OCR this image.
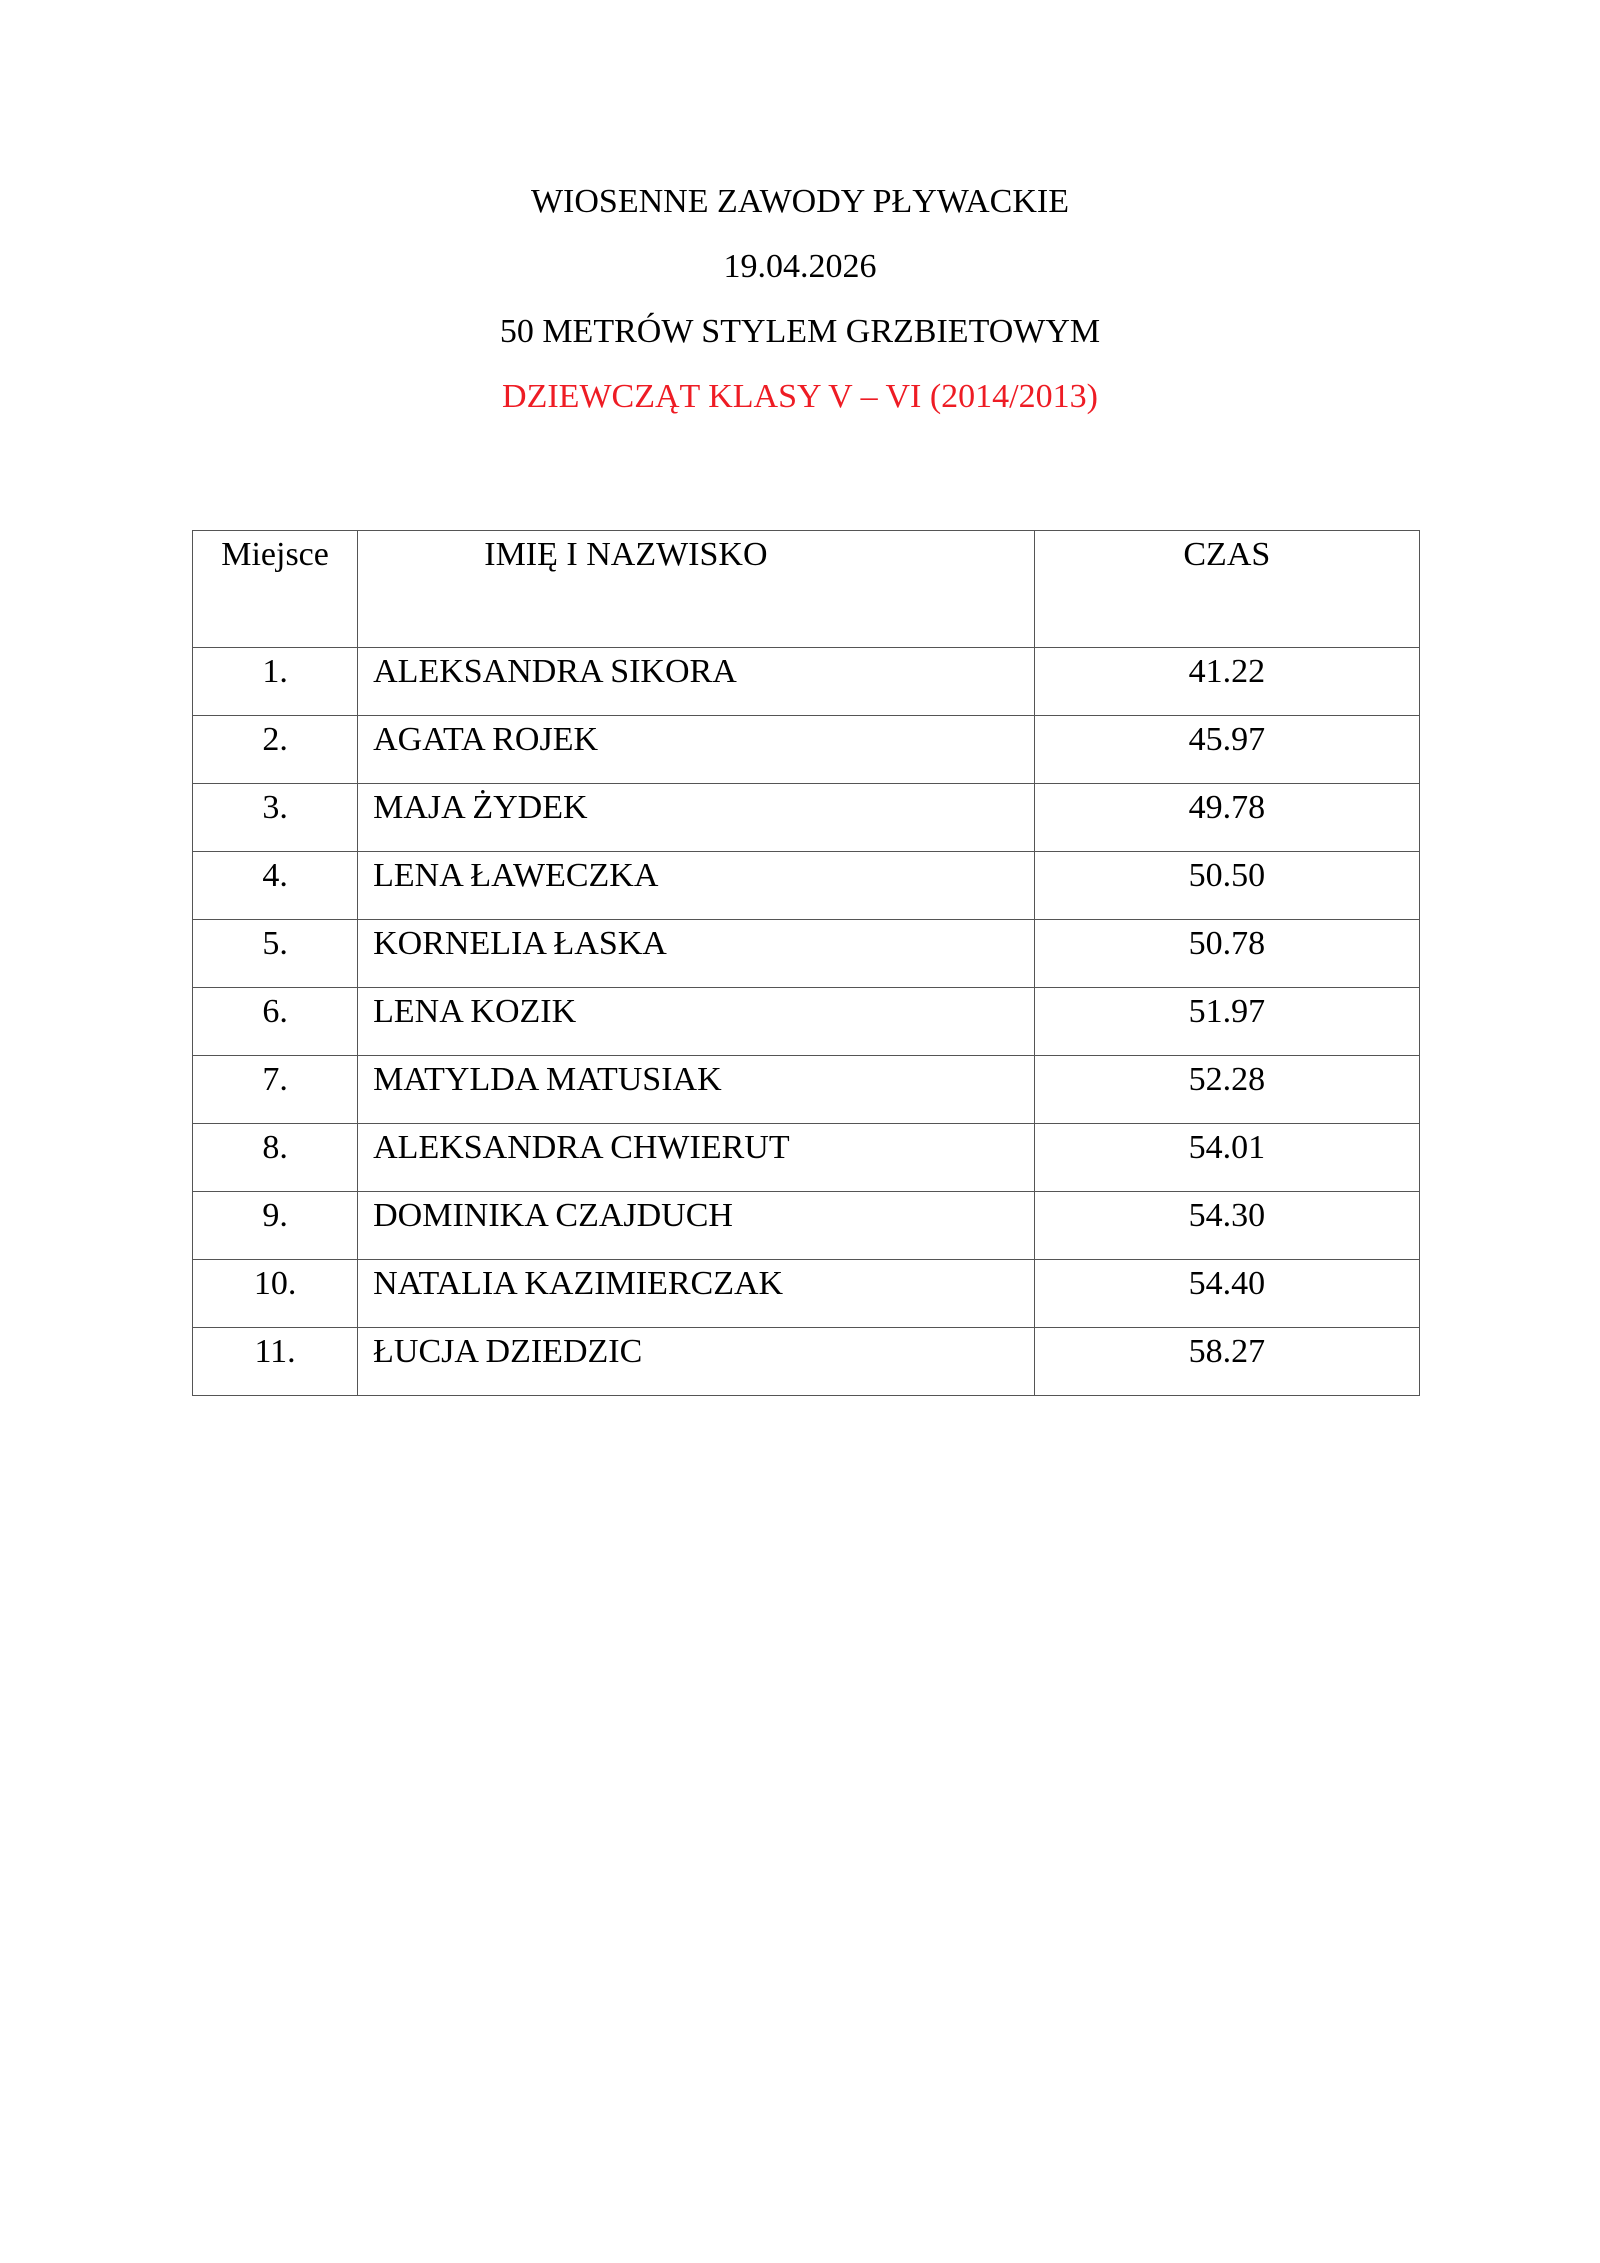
WIOSENNE ZAWODY PŁYWACKIE
19.04.2026
50 METRÓW STYLEM GRZBIETOWYM
DZIEWCZĄT KLASY V – VI (2014/2013)
Miejsce	IMIĘ I NAZWISKO	CZAS
1.	ALEKSANDRA SIKORA	41.22
2.	AGATA ROJEK	45.97
3.	MAJA ŻYDEK	49.78
4.	LENA ŁAWECZKA	50.50
5.	KORNELIA ŁASKA	50.78
6.	LENA KOZIK	51.97
7.	MATYLDA MATUSIAK	52.28
8.	ALEKSANDRA CHWIERUT	54.01
9.	DOMINIKA CZAJDUCH	54.30
10.	NATALIA KAZIMIERCZAK	54.40
11.	ŁUCJA DZIEDZIC	58.27
